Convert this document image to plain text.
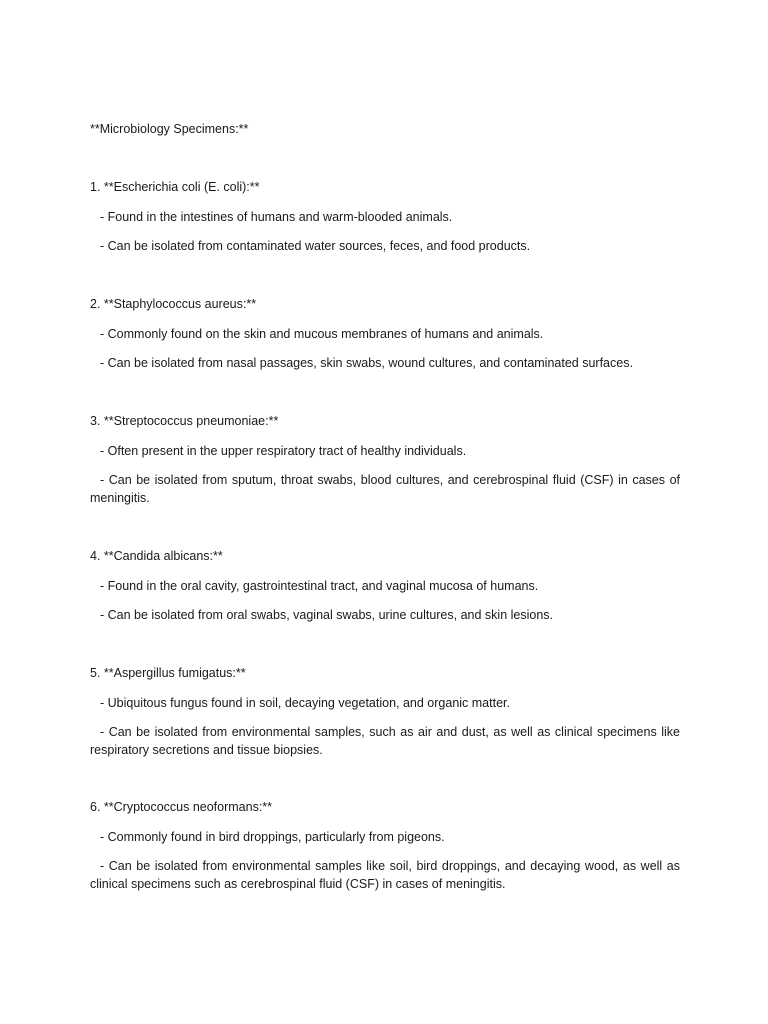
**Microbiology Specimens:**
1. **Escherichia coli (E. coli):**
- Found in the intestines of humans and warm-blooded animals.
- Can be isolated from contaminated water sources, feces, and food products.
2. **Staphylococcus aureus:**
- Commonly found on the skin and mucous membranes of humans and animals.
- Can be isolated from nasal passages, skin swabs, wound cultures, and contaminated surfaces.
3. **Streptococcus pneumoniae:**
- Often present in the upper respiratory tract of healthy individuals.
- Can be isolated from sputum, throat swabs, blood cultures, and cerebrospinal fluid (CSF) in cases of meningitis.
4. **Candida albicans:**
- Found in the oral cavity, gastrointestinal tract, and vaginal mucosa of humans.
- Can be isolated from oral swabs, vaginal swabs, urine cultures, and skin lesions.
5. **Aspergillus fumigatus:**
- Ubiquitous fungus found in soil, decaying vegetation, and organic matter.
- Can be isolated from environmental samples, such as air and dust, as well as clinical specimens like respiratory secretions and tissue biopsies.
6. **Cryptococcus neoformans:**
- Commonly found in bird droppings, particularly from pigeons.
- Can be isolated from environmental samples like soil, bird droppings, and decaying wood, as well as clinical specimens such as cerebrospinal fluid (CSF) in cases of meningitis.
